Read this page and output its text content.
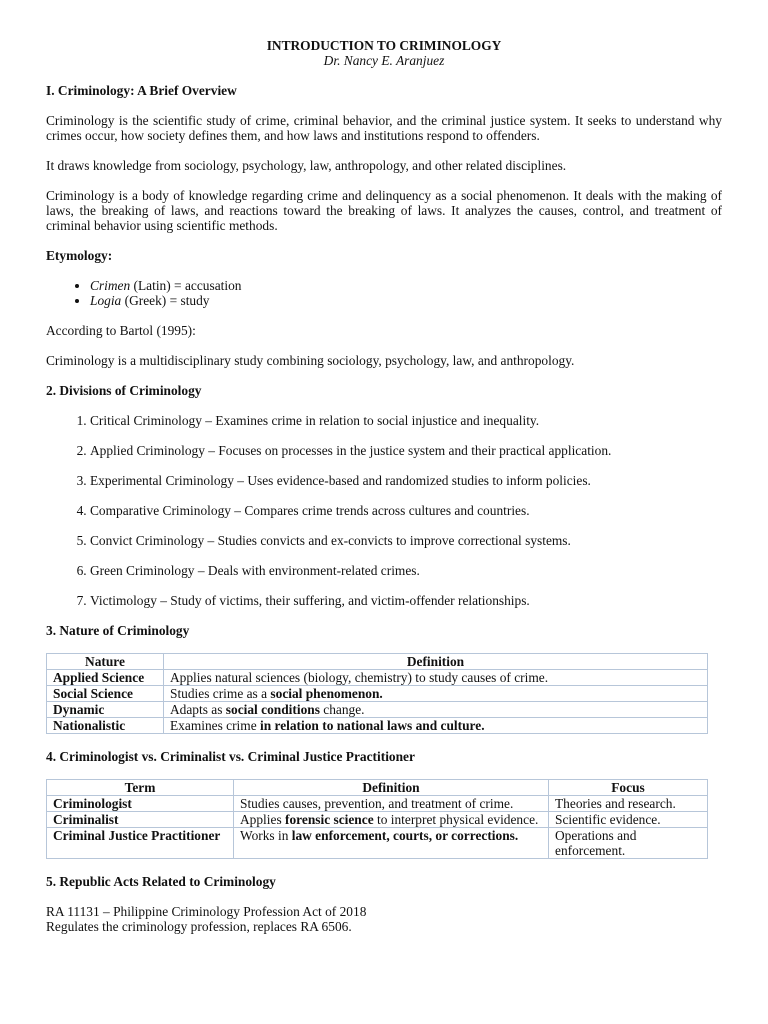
INTRODUCTION TO CRIMINOLOGY
Dr. Nancy E. Aranjuez
I. Criminology: A Brief Overview

Criminology is the scientific study of crime, criminal behavior, and the criminal justice system. It seeks to understand why crimes occur, how society defines them, and how laws and institutions respond to offenders.

It draws knowledge from sociology, psychology, law, anthropology, and other related disciplines.

Criminology is a body of knowledge regarding crime and delinquency as a social phenomenon. It deals with the making of laws, the breaking of laws, and reactions toward the breaking of laws. It analyzes the causes, control, and treatment of criminal behavior using scientific methods.

Etymology:
• Crimen (Latin) = accusation
• Logia (Greek) = study

According to Bartol (1995):

Criminology is a multidisciplinary study combining sociology, psychology, law, and anthropology.

2. Divisions of Criminology
1. Critical Criminology – Examines crime in relation to social injustice and inequality.
2. Applied Criminology – Focuses on processes in the justice system and their practical application.
3. Experimental Criminology – Uses evidence-based and randomized studies to inform policies.
4. Comparative Criminology – Compares crime trends across cultures and countries.
5. Convict Criminology – Studies convicts and ex-convicts to improve correctional systems.
6. Green Criminology – Deals with environment-related crimes.
7. Victimology – Study of victims, their suffering, and victim-offender relationships.
3. Nature of Criminology
Nature	Definition
Applied Science	Applies natural sciences (biology, chemistry) to study causes of crime.
Social Science	Studies crime as a social phenomenon.
Dynamic	Adapts as social conditions change.
Nationalistic	Examines crime in relation to national laws and culture.
4. Criminologist vs. Criminalist vs. Criminal Justice Practitioner
Term	Definition	Focus
Criminologist	Studies causes, prevention, and treatment of crime.	Theories and research.
Criminalist	Applies forensic science to interpret physical evidence.	Scientific evidence.
Criminal Justice Practitioner	Works in law enforcement, courts, or corrections.	Operations and enforcement.
5. Republic Acts Related to Criminology

RA 11131 – Philippine Criminology Profession Act of 2018

Regulates the criminology profession, replaces RA 6506.
